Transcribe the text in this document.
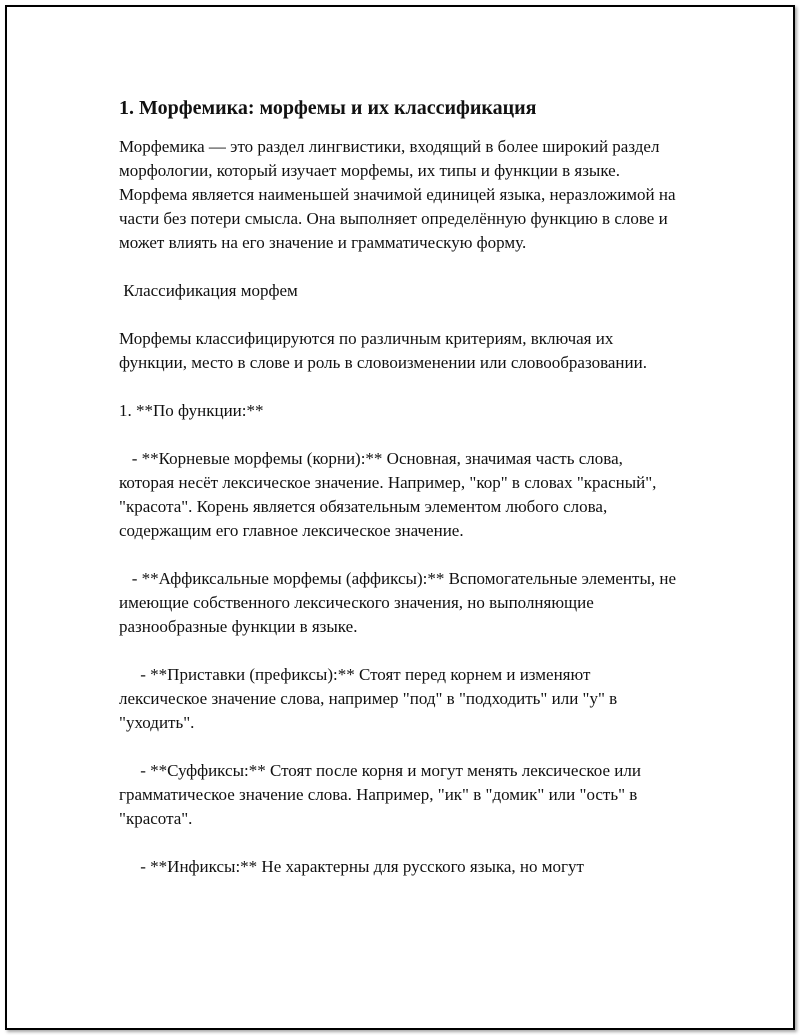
1. Морфемика: морфемы и их классификация

Морфемика — это раздел лингвистики, входящий в более широкий раздел морфологии, который изучает морфемы, их типы и функции в языке. Морфема является наименьшей значимой единицей языка, неразложимой на части без потери смысла. Она выполняет определённую функцию в слове и может влиять на его значение и грамматическую форму.

Классификация морфем

Морфемы классифицируются по различным критериям, включая их функции, место в слове и роль в словоизменении или словообразовании.

1. **По функции:**

- **Корневые морфемы (корни):** Основная, значимая часть слова, которая несёт лексическое значение. Например, "кор" в словах "красный", "красота". Корень является обязательным элементом любого слова, содержащим его главное лексическое значение.

- **Аффиксальные морфемы (аффиксы):** Вспомогательные элементы, не имеющие собственного лексического значения, но выполняющие разнообразные функции в языке.

- **Приставки (префиксы):** Стоят перед корнем и изменяют лексическое значение слова, например "под" в "подходить" или "у" в "уходить".

- **Суффиксы:** Стоят после корня и могут менять лексическое или грамматическое значение слова. Например, "ик" в "домик" или "ость" в "красота".

- **Инфиксы:** Не характерны для русского языка, но могут
